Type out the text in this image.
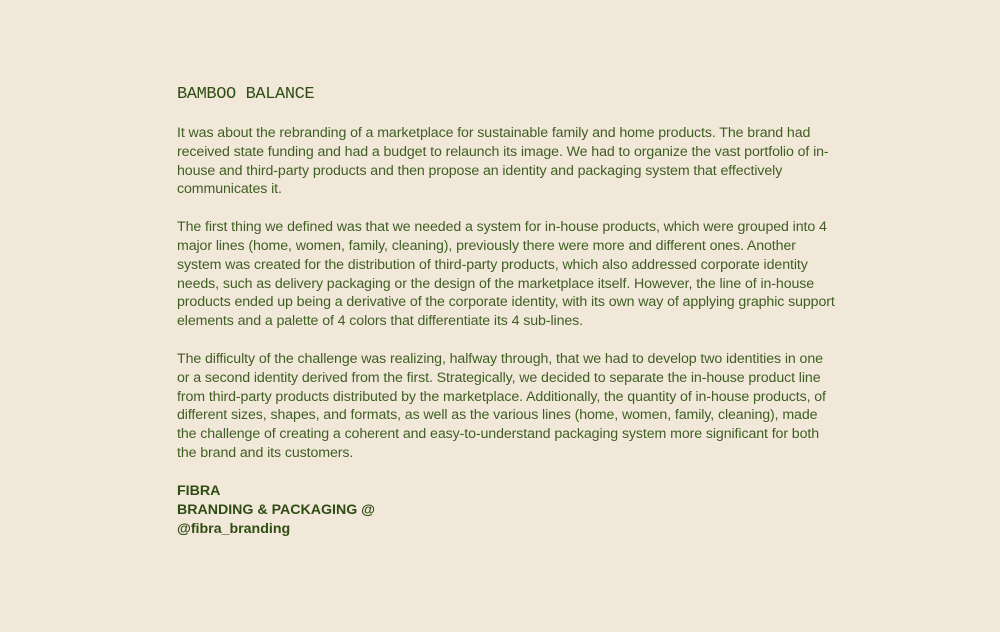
BAMBOO BALANCE

It was about the rebranding of a marketplace for sustainable family and home products. The brand had received state funding and had a budget to relaunch its image. We had to organize the vast portfolio of in-house and third-party products and then propose an identity and packaging system that effectively communicates it.

The first thing we defined was that we needed a system for in-house products, which were grouped into 4 major lines (home, women, family, cleaning), previously there were more and different ones. Another system was created for the distribution of third-party products, which also addressed corporate identity needs, such as delivery packaging or the design of the marketplace itself. However, the line of in-house products ended up being a derivative of the corporate identity, with its own way of applying graphic support elements and a palette of 4 colors that differentiate its 4 sub-lines.

The difficulty of the challenge was realizing, halfway through, that we had to develop two identities in one or a second identity derived from the first. Strategically, we decided to separate the in-house product line from third-party products distributed by the marketplace. Additionally, the quantity of in-house products, of different sizes, shapes, and formats, as well as the various lines (home, women, family, cleaning), made the challenge of creating a coherent and easy-to-understand packaging system more significant for both the brand and its customers.

FIBRA
BRANDING & PACKAGING @
@fibra_branding
